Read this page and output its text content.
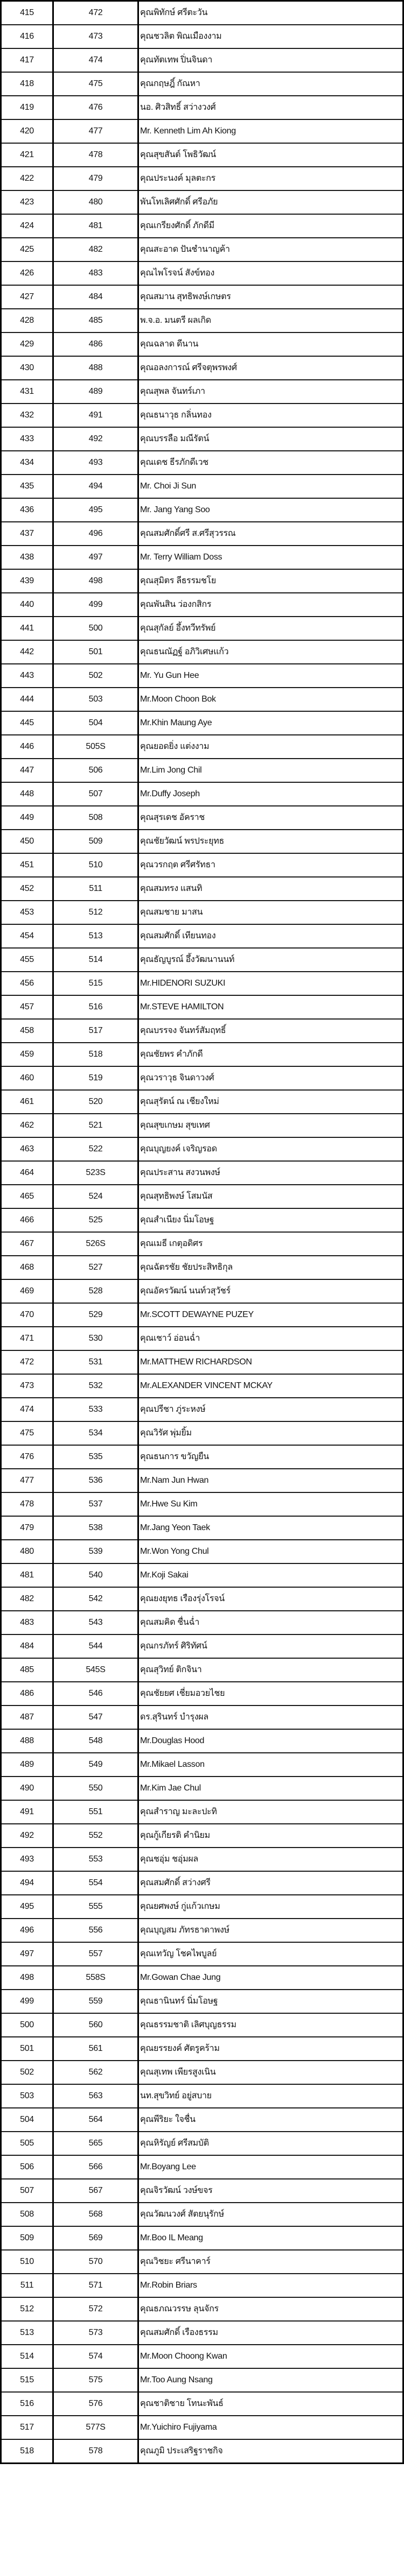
415	472	คุณพิทักษ์ ศรีตะวัน
416	473	คุณชวลิต พิณเมืองงาม
417	474	คุณทัตเทพ ปิ่นจินดา
418	475	คุณกฤษฎิ์ กัณหา
419	476	นอ. ศิวสิทธิ์ สว่างวงศ์
420	477	Mr. Kenneth Lim Ah Kiong
421	478	คุณสุขสันต์ โพธิวัฒน์
422	479	คุณประนงค์ มุลตะกร
423	480	พันโทเลิศศักดิ์ ศรีอภัย
424	481	คุณเกรียงศักดิ์ ภักดีมี
425	482	คุณสะอาด ปันชำนาญค้า
426	483	คุณไพโรจน์ สังข์ทอง
427	484	คุณสมาน สุทธิพงษ์เกษตร
428	485	พ.จ.อ. มนตรี ผลเกิด
429	486	คุณฉลาด ดีนาน
430	488	คุณอลงการณ์ ศรีจตุพรพงศ์
431	489	คุณสุพล จันทร์เภา
432	491	คุณธนาวุธ กลิ่นทอง
433	492	คุณบรรลือ มณีรัตน์
434	493	คุณเดช ธีรภักดีเวช
435	494	Mr. Choi Ji Sun
436	495	Mr. Jang Yang Soo
437	496	คุณสมศักดิ์ศรี ส.ศรีสุวรรณ
438	497	Mr. Terry William Doss
439	498	คุณสุมิตร ลีธรรมชโย
440	499	คุณพันสิน ว่องกสิกร
441	500	คุณสุกัลย์ อึ้งทวีทรัพย์
442	501	คุณธนณัฏฐ์ อภิวิเศษแก้ว
443	502	Mr. Yu Gun Hee
444	503	Mr.Moon Choon Bok
445	504	Mr.Khin Maung Aye
446	505S	คุณยอดยิ่ง แต่งงาม
447	506	Mr.Lim Jong Chil
448	507	Mr.Duffy Joseph
449	508	คุณสุรเดช อัคราช
450	509	คุณชัยวัฒน์ พรประยุทธ
451	510	คุณวรกฤต ศรีศรัทธา
452	511	คุณสมทรง แสนทิ
453	512	คุณสมชาย มาสน
454	513	คุณสมศักดิ์ เทียนทอง
455	514	คุณธัญบูรณ์ อึ้งวัฒนานนท์
456	515	Mr.HIDENORI SUZUKI
457	516	Mr.STEVE HAMILTON
458	517	คุณบรรจง จันทร์สัมฤทธิ์
459	518	คุณชัยพร คำภักดี
460	519	คุณวราวุธ จินดาวงศ์
461	520	คุณสุรัตน์ ณ เชียงใหม่
462	521	คุณสุขเกษม สุขเทศ
463	522	คุณบุญยงค์ เจริญรอด
464	523S	คุณประสาน สงวนพงษ์
465	524	คุณสุทธิพงษ์ โสมนัส
466	525	คุณสำเนียง นิ่มโอษฐ
467	526S	คุณเมธี เกตุอดิศร
468	527	คุณฉัตรชัย ชัยประสิทธิกุล
469	528	คุณอัครวัฒน์ นนท์วสุวัชร์
470	529	Mr.SCOTT DEWAYNE PUZEY
471	530	คุณเชาว์ อ่อนฉ่ำ
472	531	Mr.MATTHEW RICHARDSON
473	532	Mr.ALEXANDER VINCENT MCKAY
474	533	คุณปรีชา ภู่ระหงษ์
475	534	คุณวิรัศ พุ่มยิ้ม
476	535	คุณธนการ ขวัญยืน
477	536	Mr.Nam Jun Hwan
478	537	Mr.Hwe Su Kim
479	538	Mr.Jang Yeon Taek
480	539	Mr.Won Yong Chul
481	540	Mr.Koji Sakai
482	542	คุณยงยุทธ เรืองรุ่งโรจน์
483	543	คุณสมคิด ชื่นฉ่ำ
484	544	คุณกรภัทร์ ศิริทัศน์
485	545S	คุณสุวิทย์ ติกจินา
486	546	คุณชัยยศ เชี่ยมอวยไชย
487	547	ดร.สุรินทร์ บำรุงผล
488	548	Mr.Douglas Hood
489	549	Mr.Mikael Lasson
490	550	Mr.Kim Jae Chul
491	551	คุณสำราญ มะละปะทิ
492	552	คุณกู้เกียรติ คำนิยม
493	553	คุณชอุ่ม ชอุ่มผล
494	554	คุณสมศักดิ์ สว่างศรี
495	555	คุณยศพงษ์ กู่แก้วเกษม
496	556	คุณบุญสม ภัทรธาดาพงษ์
497	557	คุณเทวัญ โชคไพบูลย์
498	558S	Mr.Gowan Chae Jung
499	559	คุณธานินทร์ นิ่มโอษฐ
500	560	คุณธรรมชาติ เลิศบุญธรรม
501	561	คุณยรรยงค์ ศัตรูคร้าม
502	562	คุณสุเทพ เพียรสูงเนิน
503	563	นท.สุขวิทย์ อยู่สบาย
504	564	คุณพีริยะ ใจชื่น
505	565	คุณหิรัญย์ ศรีสมบัติ
506	566	Mr.Boyang Lee
507	567	คุณจิรวัฒน์ วงษ์ขจร
508	568	คุณวัฒนวงศ์ สัตยนุรักษ์
509	569	Mr.Boo IL Meang
510	570	คุณวิชยะ ศรีนาคาร์
511	571	Mr.Robin Briars
512	572	คุณธภณวรรษ ลุนจักร
513	573	คุณสมศักดิ์ เรืองธรรม
514	574	Mr.Moon Choong Kwan
515	575	Mr.Too Aung Nsang
516	576	คุณชาติชาย โทนะพันธ์
517	577S	Mr.Yuichiro Fujiyama
518	578	คุณภูมิ ประเสริฐราชกิจ
